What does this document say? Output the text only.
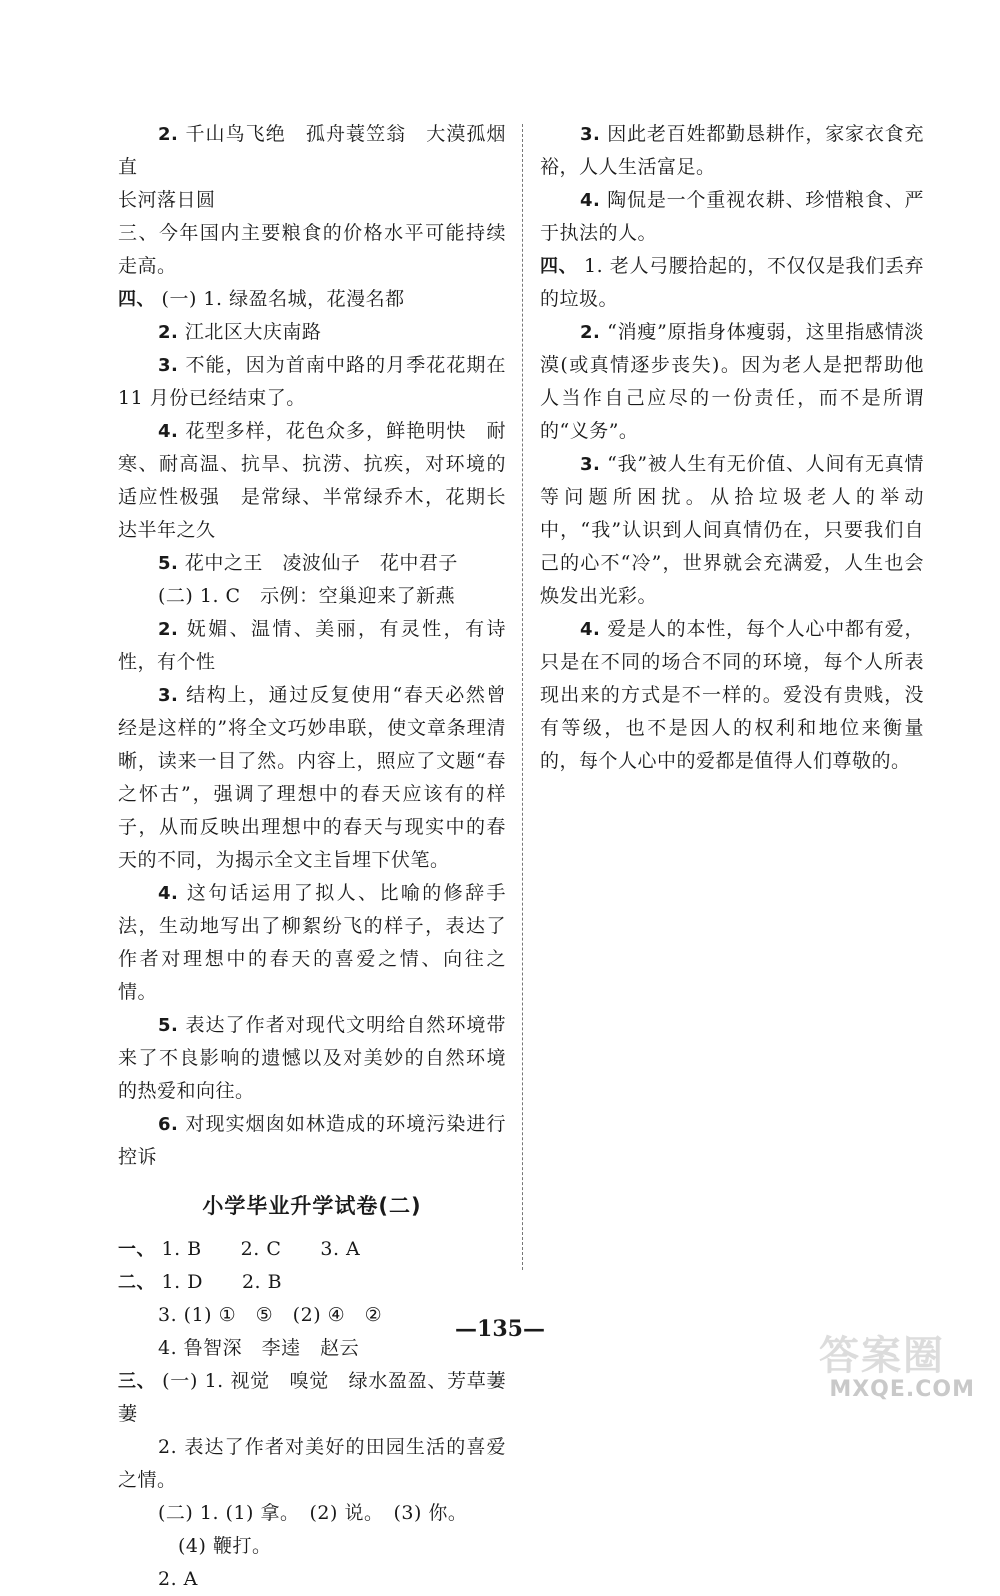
2. 千山鸟飞绝　孤舟蓑笠翁　大漠孤烟直

长河落日圆

三、今年国内主要粮食的价格水平可能持续走高。

四、 (一) 1. 绿盈名城，花漫名都

2. 江北区大庆南路

3. 不能，因为首南中路的月季花花期在 11 月份已经结束了。

4. 花型多样，花色众多，鲜艳明快　耐寒、耐高温、抗旱、抗涝、抗疾，对环境的适应性极强　是常绿、半常绿乔木，花期长达半年之久

5. 花中之王　凌波仙子　花中君子

(二) 1. C　示例：空巢迎来了新燕

2. 妩媚、温情、美丽，有灵性，有诗性，有个性

3. 结构上，通过反复使用“春天必然曾经是这样的”将全文巧妙串联，使文章条理清晰，读来一目了然。内容上，照应了文题“春之怀古”，强调了理想中的春天应该有的样子，从而反映出理想中的春天与现实中的春天的不同，为揭示全文主旨埋下伏笔。

4. 这句话运用了拟人、比喻的修辞手法，生动地写出了柳絮纷飞的样子，表达了作者对理想中的春天的喜爱之情、向往之情。

5. 表达了作者对现代文明给自然环境带来了不良影响的遗憾以及对美妙的自然环境的热爱和向往。

6. 对现实烟囱如林造成的环境污染进行控诉

小学毕业升学试卷(二)

一、 1. B　　2. C　　3. A

二、 1. D　　2. B

3. (1) ①　⑤　(2) ④　②

4. 鲁智深　李逵　赵云

三、 (一) 1. 视觉　嗅觉　绿水盈盈、芳草萋萋

2. 表达了作者对美好的田园生活的喜爱之情。

(二) 1. (1) 拿。　(2) 说。　(3) 你。

(4) 鞭打。

2. A

3. 因此老百姓都勤恳耕作，家家衣食充裕，人人生活富足。

4. 陶侃是一个重视农耕、珍惜粮食、严于执法的人。

四、 1. 老人弓腰拾起的，不仅仅是我们丢弃的垃圾。

2. “消瘦”原指身体瘦弱，这里指感情淡漠(或真情逐步丧失)。因为老人是把帮助他人当作自己应尽的一份责任，而不是所谓的“义务”。

3. “我”被人生有无价值、人间有无真情等问题所困扰。从拾垃圾老人的举动中，“我”认识到人间真情仍在，只要我们自己的心不“冷”，世界就会充满爱，人生也会焕发出光彩。

4. 爱是人的本性，每个人心中都有爱，只是在不同的场合不同的环境，每个人所表现出来的方式是不一样的。爱没有贵贱，没有等级，也不是因人的权利和地位来衡量的，每个人心中的爱都是值得人们尊敬的。

—135—
答案圈
MXQE.COM
